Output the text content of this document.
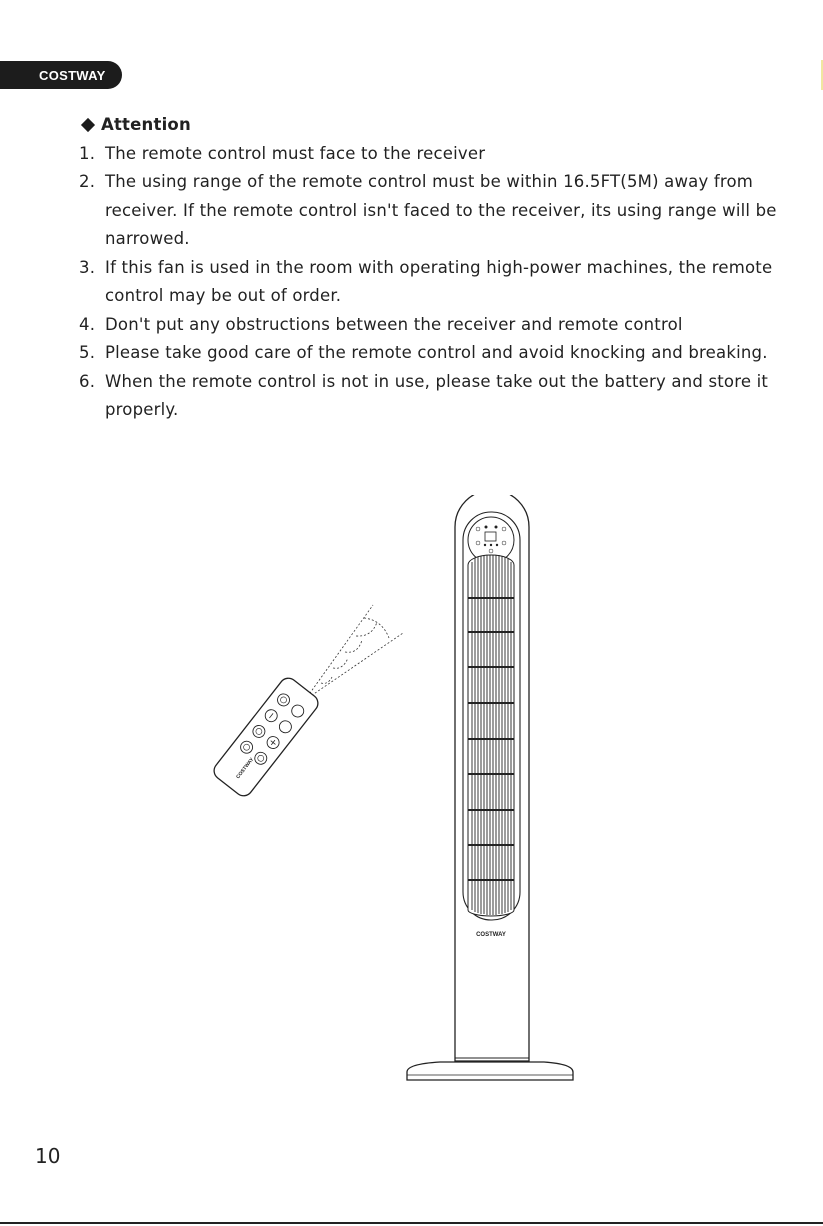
COSTWAY
Attention
1. The remote control must face to the receiver
2. The using range of the remote control must be within 16.5FT(5M) away from receiver. If the remote control isn't faced to the receiver, its using range will be narrowed.
3. If this fan is used in the room with operating high-power machines, the remote control may be out of order.
4. Don't put any obstructions between the receiver and remote control
5. Please take good care of the remote control and avoid knocking and breaking.
6. When the remote control is not in use, please take out the battery and store it properly.
COSTWAY
COSTWAY
10
